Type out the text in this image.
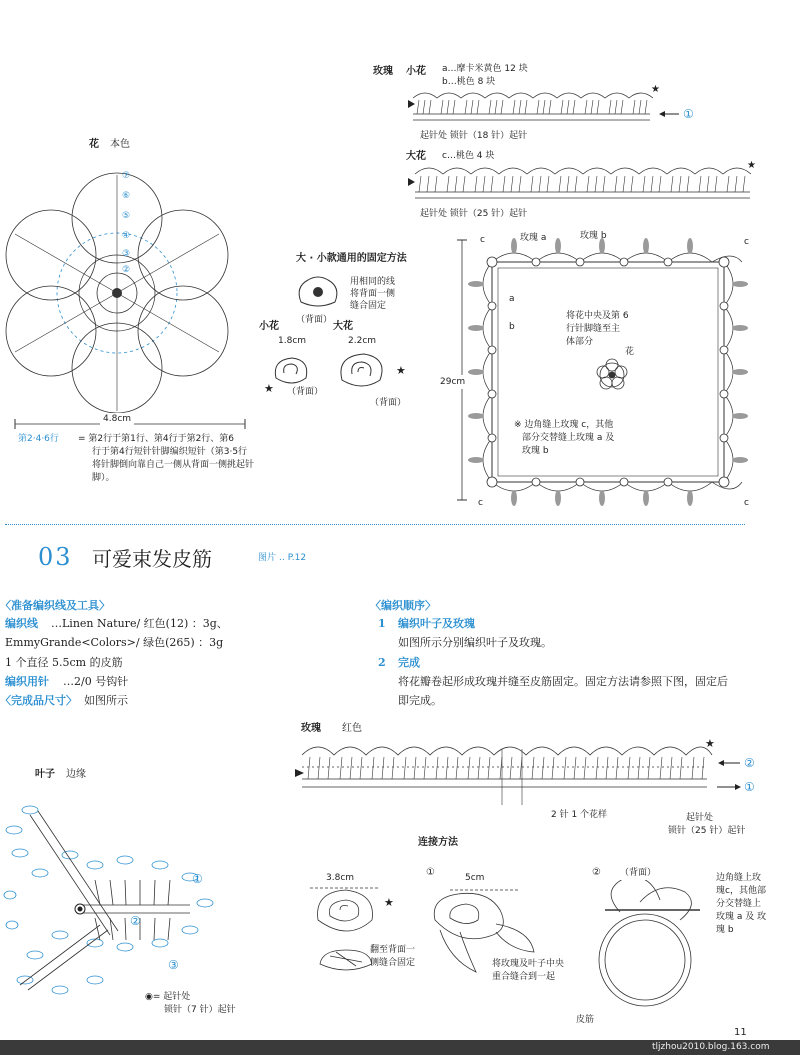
花 本色
⑦
⑥
⑤
④
③
②
4.8cm
第2·4·6行 = 第2行于第1行、第4行于第2行、第6
行于第4行短针针脚编织短针（第3·5行
将针脚倒向靠自己一侧从背面一侧挑起针
脚）。
大 · 小款通用的固定方法
用相同的线
将背面一侧
缝合固定
（背面）
小花	大花
1.8cm	2.2cm
★
★
（背面）
（背面）
玫瑰 小花 a…摩卡米黄色 12 块
b…桃色 8 块
★
①
起针处 锁针（18 针）起针
大花 c…桃色 4 块
★
起针处 锁针（25 针）起针
29cm
c	玫瑰 a	玫瑰 b
c
a
b
将花中央及第 6
行针脚缝至主
体部分
花
※ 边角缝上玫瑰 c，其他
部分交替缝上玫瑰 a 及
玫瑰 b
c	c
03 可爱束发皮筋	图片 ‥ P.12
〈准备编织线及工具〉
编织线 …Linen Nature/ 红色(12) ：3g、
EmmyGrande<Colors>/ 绿色(265) ：3g
1 个直径 5.5cm 的皮筋
编织用针 …2/0 号钩针
〈完成品尺寸〉 如图所示
〈编织顺序〉
1 编织叶子及玫瑰
如图所示分别编织叶子及玫瑰。
2 完成
将花瓣卷起形成玫瑰并缝至皮筋固定。固定方法请参照下图，固定后
即完成。
玫瑰 红色
★
②
①
2 针 1 个花样	起针处
锁针（25 针）起针
叶子 边缘
①
②
③
◉= 起针处
锁针（7 针）起针
连接方法
3.8cm	①	5cm	② （背面）
★
翻至背面一
侧缝合固定	将玫瑰及叶子中央
重合缝合到一起
边角缝上玫
瑰c，其他部
分交替缝上
玫瑰 a 及 玫
瑰 b
皮筋
11
tljzhou2010.blog.163.com
